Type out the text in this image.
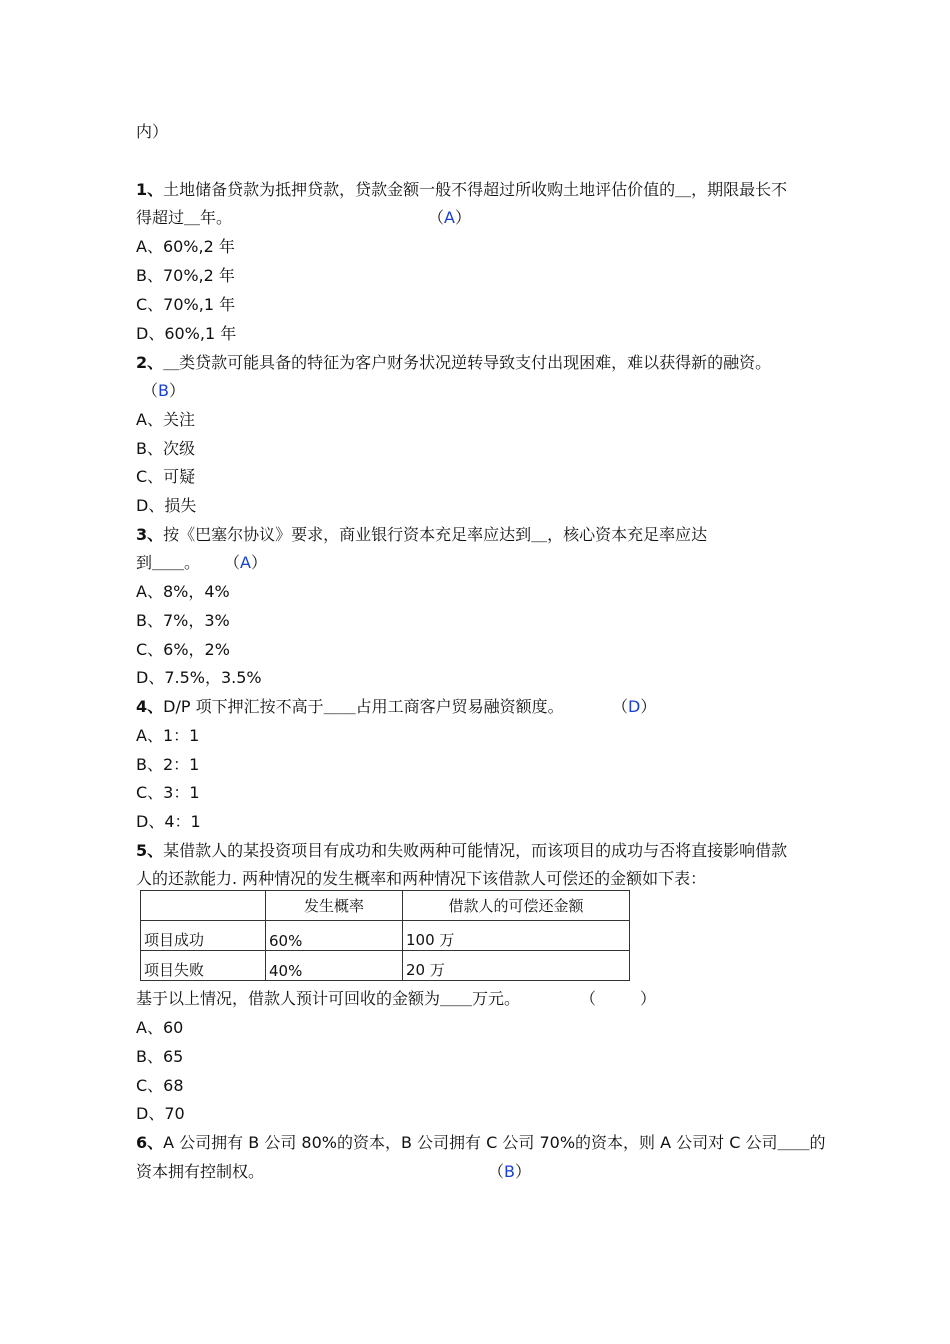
内）
1、土地储备贷款为抵押贷款，贷款金额一般不得超过所收购土地评估价值的＿，期限最长不
得超过＿年。	（A）
A、60%,2 年
B、70%,2 年
C、70%,1 年
D、60%,1 年
2、＿类贷款可能具备的特征为客户财务状况逆转导致支付出现困难，难以获得新的融资。
（B）
A、关注
B、次级
C、可疑
D、损失
3、按《巴塞尔协议》要求，商业银行资本充足率应达到＿，核心资本充足率应达
到＿＿。 （A）
A、8%，4%
B、7%，3%
C、6%，2%
D、7.5%，3.5%
4、D/P 项下押汇按不高于＿＿占用工商客户贸易融资额度。	（D）
A、1：1
B、2：1
C、3：1
D、4：1
5、某借款人的某投资项目有成功和失败两种可能情况，而该项目的成功与否将直接影响借款
人的还款能力. 两种情况的发生概率和两种情况下该借款人可偿还的金额如下表：
	发生概率	借款人的可偿还金额
项目成功	60%	100 万
项目失败	40%	20 万
基于以上情况，借款人预计可回收的金额为＿＿万元。	（	）
A、60
B、65
C、68
D、70
6、A 公司拥有 B 公司 80%的资本，B 公司拥有 C 公司 70%的资本，则 A 公司对 C 公司＿＿的
资本拥有控制权。	（B）
